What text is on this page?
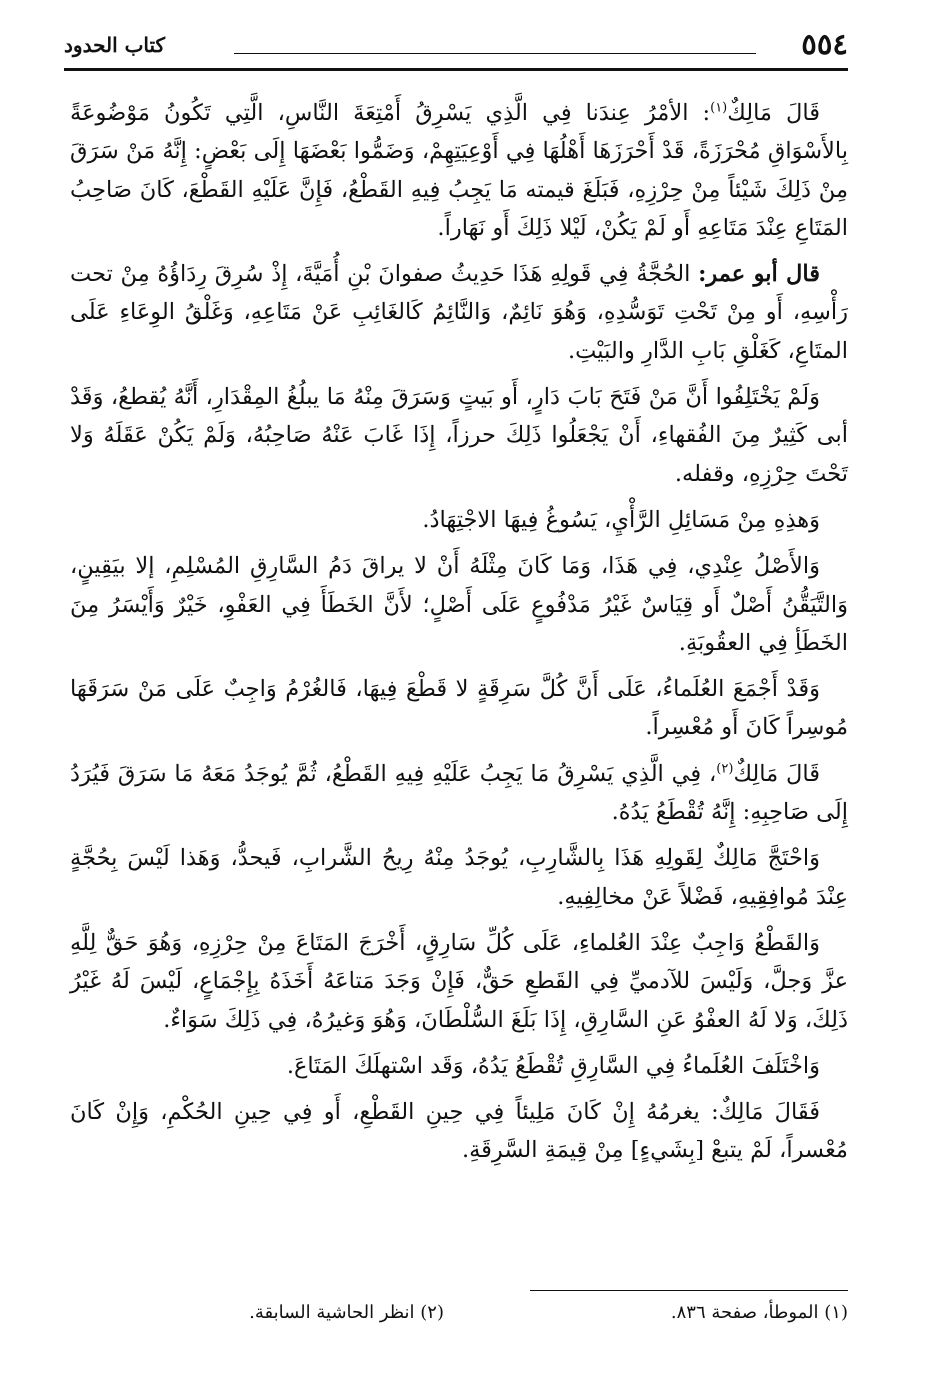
٥٥٤
كتاب الحدود

قَالَ مَالِكٌ$^{(١)}$: الأمْرُ عِندَنا فِي الَّذِي يَسْرِقُ أَمْتِعَةَ النَّاسِ، الَّتِي تَكُونُ مَوْضُوعَةً بِالأَسْوَاقِ مُحْرَزَةً، قَدْ أَحْرَزَهَا أَهْلُهَا فِي أَوْعِيَتِهِمْ، وَضَمُّوا بَعْضَهَا إِلَى بَعْضٍ: إِنَّهُ مَنْ سَرَقَ مِنْ ذَلِكَ شَيْئاً مِنْ حِرْزِهِ، فَبَلَغَ قيمته مَا يَجِبُ فِيهِ القَطْعُ، فَإِنَّ عَلَيْهِ القَطْعَ، كَانَ صَاحِبُ المَتَاعِ عِنْدَ مَتَاعِهِ أَو لَمْ يَكُنْ، لَيْلا ذَلِكَ أَو نَهَاراً.

قال أبو عمر: الحُجَّةُ فِي قَولِهِ هَذَا حَدِيثُ صفوانَ بْنِ أُمَيَّةَ، إِذْ سُرِقَ رِدَاؤُهُ مِنْ تحت رَأْسِهِ، أَو مِنْ تَحْتِ تَوَسُّدِهِ، وَهُوَ نَائِمٌ، وَالنَّائِمُ كَالغَائِبِ عَنْ مَتَاعِهِ، وَغَلْقُ الوِعَاءِ عَلَى المتَاعِ، كَغَلْقِ بَابِ الدَّارِ والبَيْتِ.

وَلَمْ يَخْتَلِفُوا أَنَّ مَنْ فَتَحَ بَابَ دَارٍ، أَو بَيتٍ وَسَرَقَ مِنْهُ مَا يبلُغُ المِقْدَارِ، أَنَّهُ يُقطعُ، وَقَدْ أبى كَثِيرٌ مِنَ الفُقهاءِ، أَنْ يَجْعَلُوا ذَلِكَ حرزاً، إِذَا غَابَ عَنْهُ صَاحِبُهُ، وَلَمْ يَكُنْ عَقَلَهُ وَلا تَحْتَ حِرْزِهِ، وقفله.

وَهذِهِ مِنْ مَسَائِلِ الرَّأْيِ، يَسُوغُ فِيهَا الاجْتِهَادُ.

وَالأَصْلُ عِنْدِي، فِي هَذَا، وَمَا كَانَ مِثْلَهُ أَنْ لا يراقَ دَمُ السَّارِقِ المُسْلِمِ، إلا بيَقِينٍ، وَالتَّيَقُّنُ أَصْلٌ أَو قِيَاسٌ غَيْرُ مَدْفُوعٍ عَلَى أَصْلٍ؛ لأَنَّ الخَطَأَ فِي العَفْوِ، خَيْرٌ وَأَيْسَرُ مِنَ الخَطَأِ فِي العقُوبَةِ.

وَقَدْ أَجْمَعَ العُلَماءُ، عَلَى أَنَّ كُلَّ سَرِقَةٍ لا قَطْعَ فِيهَا، فَالغُرْمُ وَاجِبٌ عَلَى مَنْ سَرَقَهَا مُوسِراً كَانَ أَو مُعْسِراً.

قَالَ مَالِكٌ$^{(٢)}$، فِي الَّذِي يَسْرِقُ مَا يَجِبُ عَلَيْهِ فِيهِ القَطْعُ، ثُمَّ يُوجَدُ مَعَهُ مَا سَرَقَ فَيُرَدُ إِلَى صَاحِبِهِ: إِنَّهُ تُقْطَعُ يَدُهُ.

وَاحْتَجَّ مَالِكٌ لِقَولِهِ هَذَا بِالشَّارِبِ، يُوجَدُ مِنْهُ رِيحُ الشَّرابِ، فَيحدُّ، وَهَذا لَيْسَ بِحُجَّةٍ عِنْدَ مُوافِقِيهِ، فَضْلاً عَنْ مخالِفِيهِ.

وَالقَطْعُ وَاجِبٌ عِنْدَ العُلماءِ، عَلَى كُلِّ سَارِقٍ، أَخْرَجَ المَتَاعَ مِنْ حِرْزِهِ، وَهُوَ حَقٌّ لِلَّهِ عزَّ وَجلَّ، وَلَيْسَ للآدميِّ فِي القَطعِ حَقٌّ، فَإِنْ وَجَدَ مَتاعَهُ أَخَذَهُ بِإِجْمَاعٍ، لَيْسَ لَهُ غَيْرُ ذَلِكَ، وَلا لَهُ العفْوُ عَنِ السَّارِقِ، إِذَا بَلَغَ السُّلْطَانَ، وَهُوَ وَغيرُهُ، فِي ذَلِكَ سَوَاءٌ.

وَاخْتَلَفَ العُلَماءُ فِي السَّارِقِ تُقْطَعُ يَدُهُ، وَقَد اسْتهلَكَ المَتَاعَ.

فَقَالَ مَالِكٌ: يغرمُهُ إِنْ كَانَ مَلِيئاً فِي حِينِ القَطْعِ، أَو فِي حِينِ الحُكْمِ، وَإِنْ كَانَ مُعْسراً، لَمْ يتبعْ [بِشَيءٍ] مِنْ قِيمَةِ السَّرِقَةِ.

(١) الموطأ، صفحة ٨٣٦.
(٢) انظر الحاشية السابقة.
